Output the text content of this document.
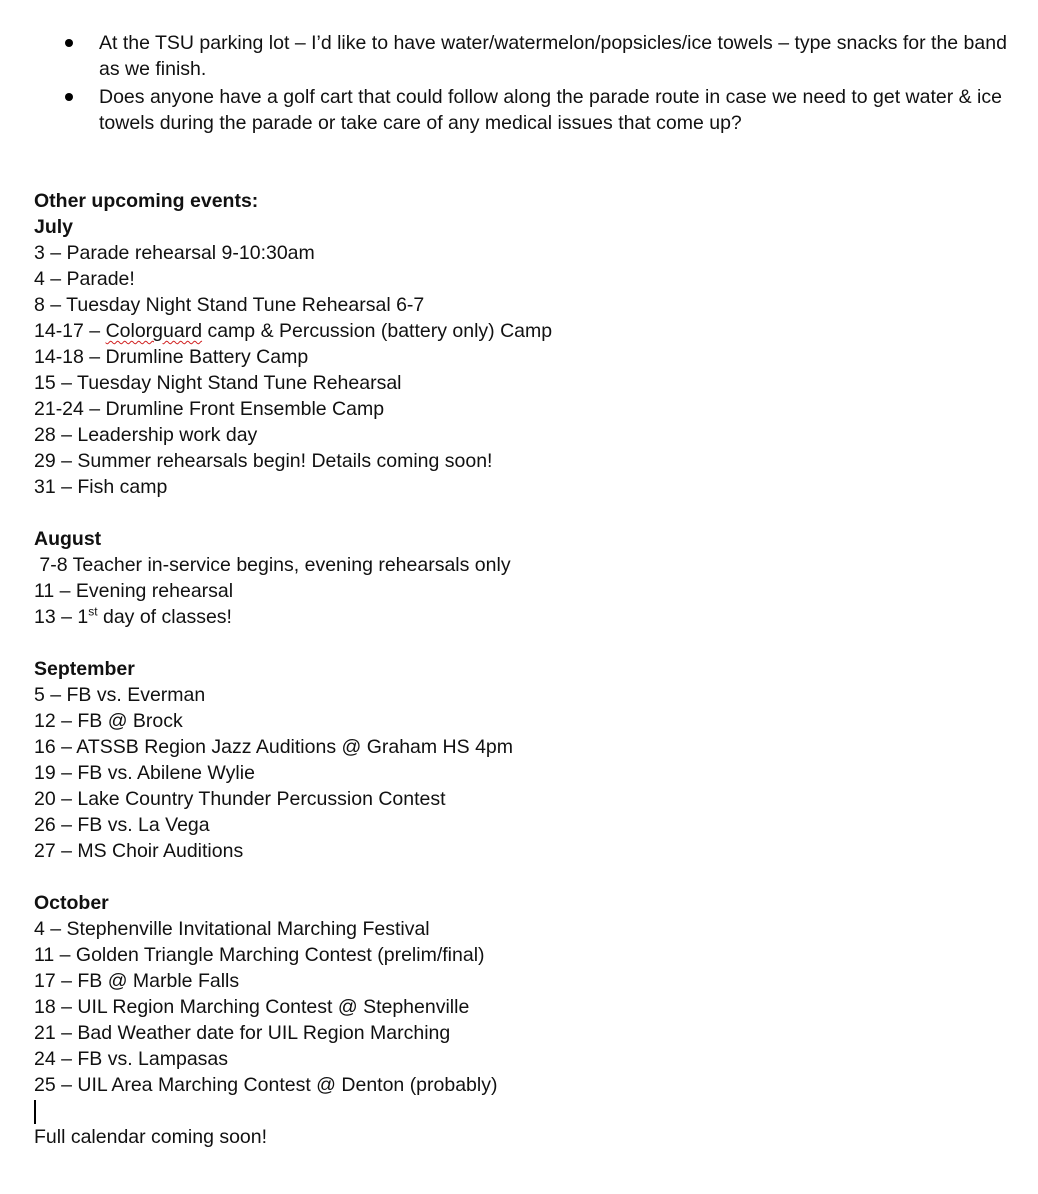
At the TSU parking lot – I’d like to have water/watermelon/popsicles/ice towels – type snacks for the band as we finish.
Does anyone have a golf cart that could follow along the parade route in case we need to get water & ice towels during the parade or take care of any medical issues that come up?
Other upcoming events:
July
3 – Parade rehearsal 9-10:30am
4 – Parade!
8 – Tuesday Night Stand Tune Rehearsal 6-7
14-17 – Colorguard camp & Percussion (battery only) Camp
14-18 – Drumline Battery Camp
15 – Tuesday Night Stand Tune Rehearsal
21-24 – Drumline Front Ensemble Camp
28 – Leadership work day
29 – Summer rehearsals begin! Details coming soon!
31 – Fish camp
August
7-8 Teacher in-service begins, evening rehearsals only
11 – Evening rehearsal
13 – 1st day of classes!
September
5 – FB vs. Everman
12 – FB @ Brock
16 – ATSSB Region Jazz Auditions @ Graham HS 4pm
19 – FB vs. Abilene Wylie
20 – Lake Country Thunder Percussion Contest
26 – FB vs. La Vega
27 – MS Choir Auditions
October
4 – Stephenville Invitational Marching Festival
11 – Golden Triangle Marching Contest (prelim/final)
17 – FB @ Marble Falls
18 – UIL Region Marching Contest @ Stephenville
21 – Bad Weather date for UIL Region Marching
24 – FB vs. Lampasas
25 – UIL Area Marching Contest @ Denton (probably)
Full calendar coming soon!
